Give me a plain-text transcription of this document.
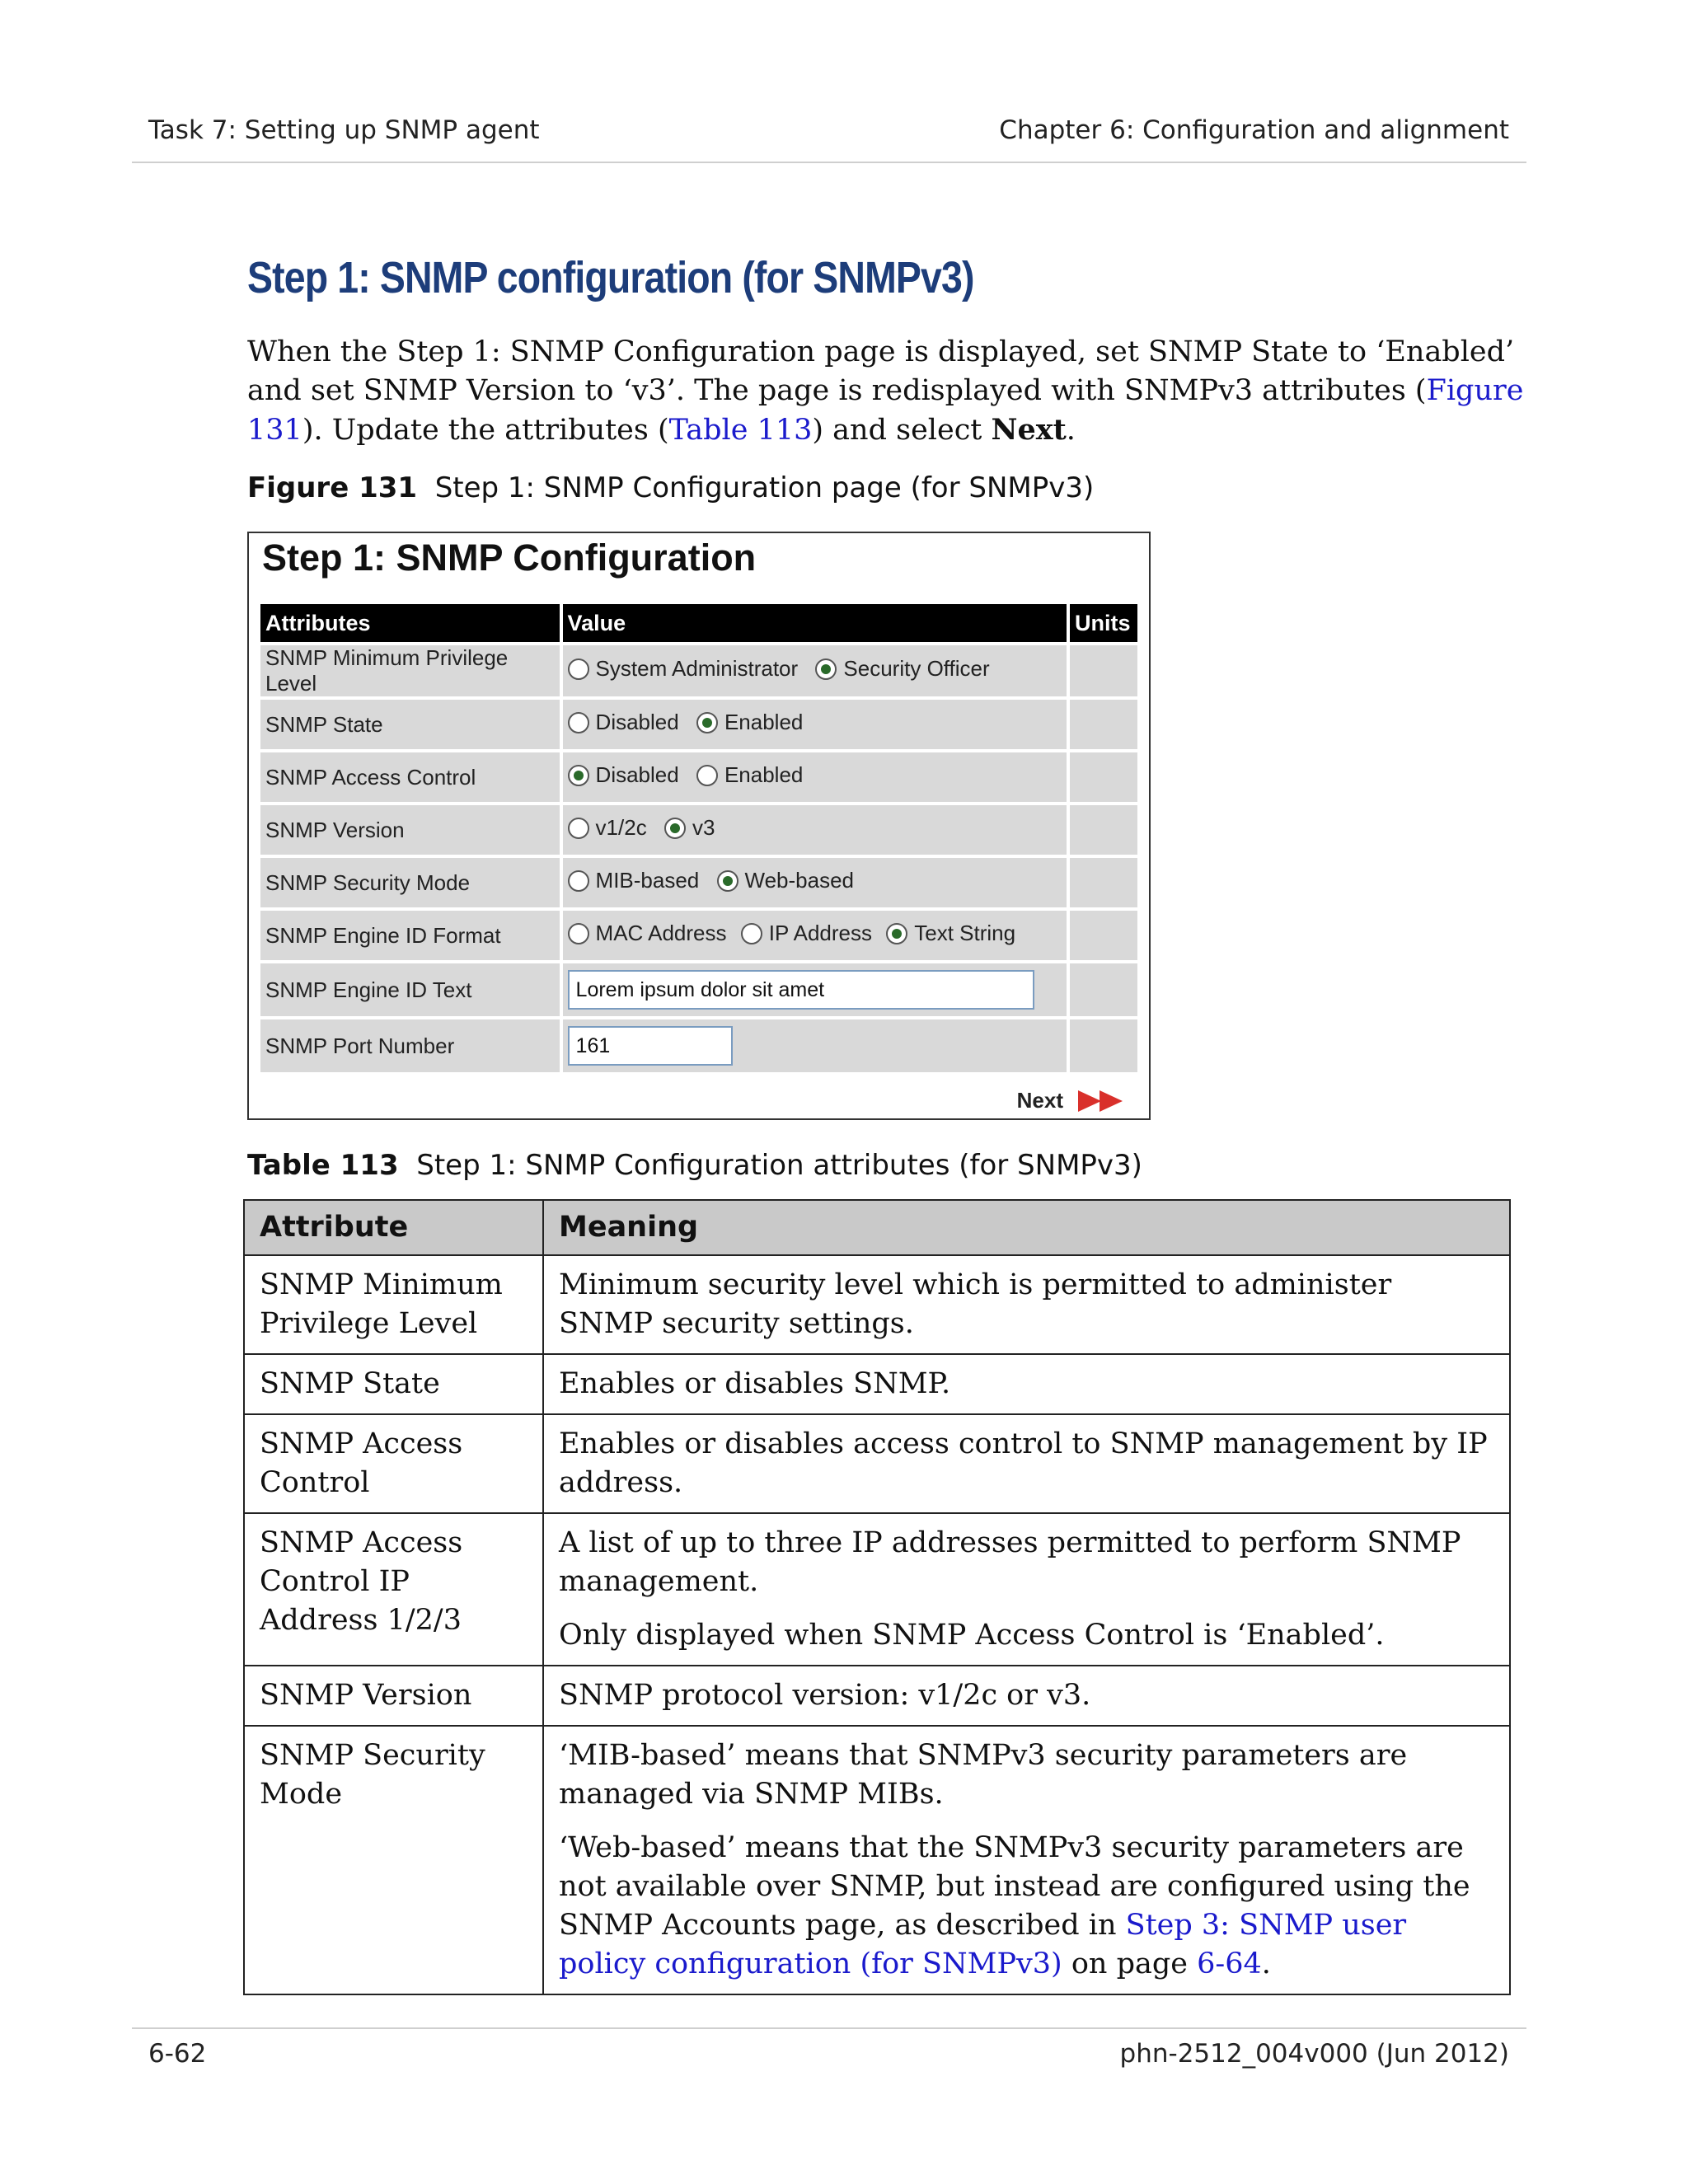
Task 7: Setting up SNMP agent	Chapter 6: Configuration and alignment
Step 1: SNMP configuration (for SNMPv3)
When the Step 1: SNMP Configuration page is displayed, set SNMP State to ‘Enabled’ and set SNMP Version to ‘v3’. The page is redisplayed with SNMPv3 attributes (Figure 131). Update the attributes (Table 113) and select Next.
Figure 131 Step 1: SNMP Configuration page (for SNMPv3)
Step 1: SNMP Configuration
Attributes	Value	Units
SNMP Minimum Privilege Level	System Administrator
Security Officer	

SNMP State	Disabled
Enabled	

SNMP Access Control	Disabled
Enabled	

SNMP Version	v1/2c
v3	

SNMP Security Mode	MIB-based
Web-based	

SNMP Engine ID Format	MAC Address
IP Address
Text String	

SNMP Engine ID Text	Lorem ipsum dolor sit amet	
SNMP Port Number	161	
Next
Table 113 Step 1: SNMP Configuration attributes (for SNMPv3)
Attribute	Meaning
SNMP Minimum Privilege Level	Minimum security level which is permitted to administer SNMP security settings.

SNMP State	Enables or disables SNMP.

SNMP Access Control	Enables or disables access control to SNMP management by IP address.

SNMP Access Control IP Address 1/2/3	A list of up to three IP addresses permitted to perform SNMP management.

Only displayed when SNMP Access Control is ‘Enabled’.

SNMP Version	SNMP protocol version: v1/2c or v3.

SNMP Security Mode	‘MIB-based’ means that SNMPv3 security parameters are managed via SNMP MIBs.

‘Web-based’ means that the SNMPv3 security parameters are not available over SNMP, but instead are configured using the SNMP Accounts page, as described in Step 3: SNMP user policy configuration (for SNMPv3) on page 6-64.

6-62	phn-2512_004v000 (Jun 2012)
